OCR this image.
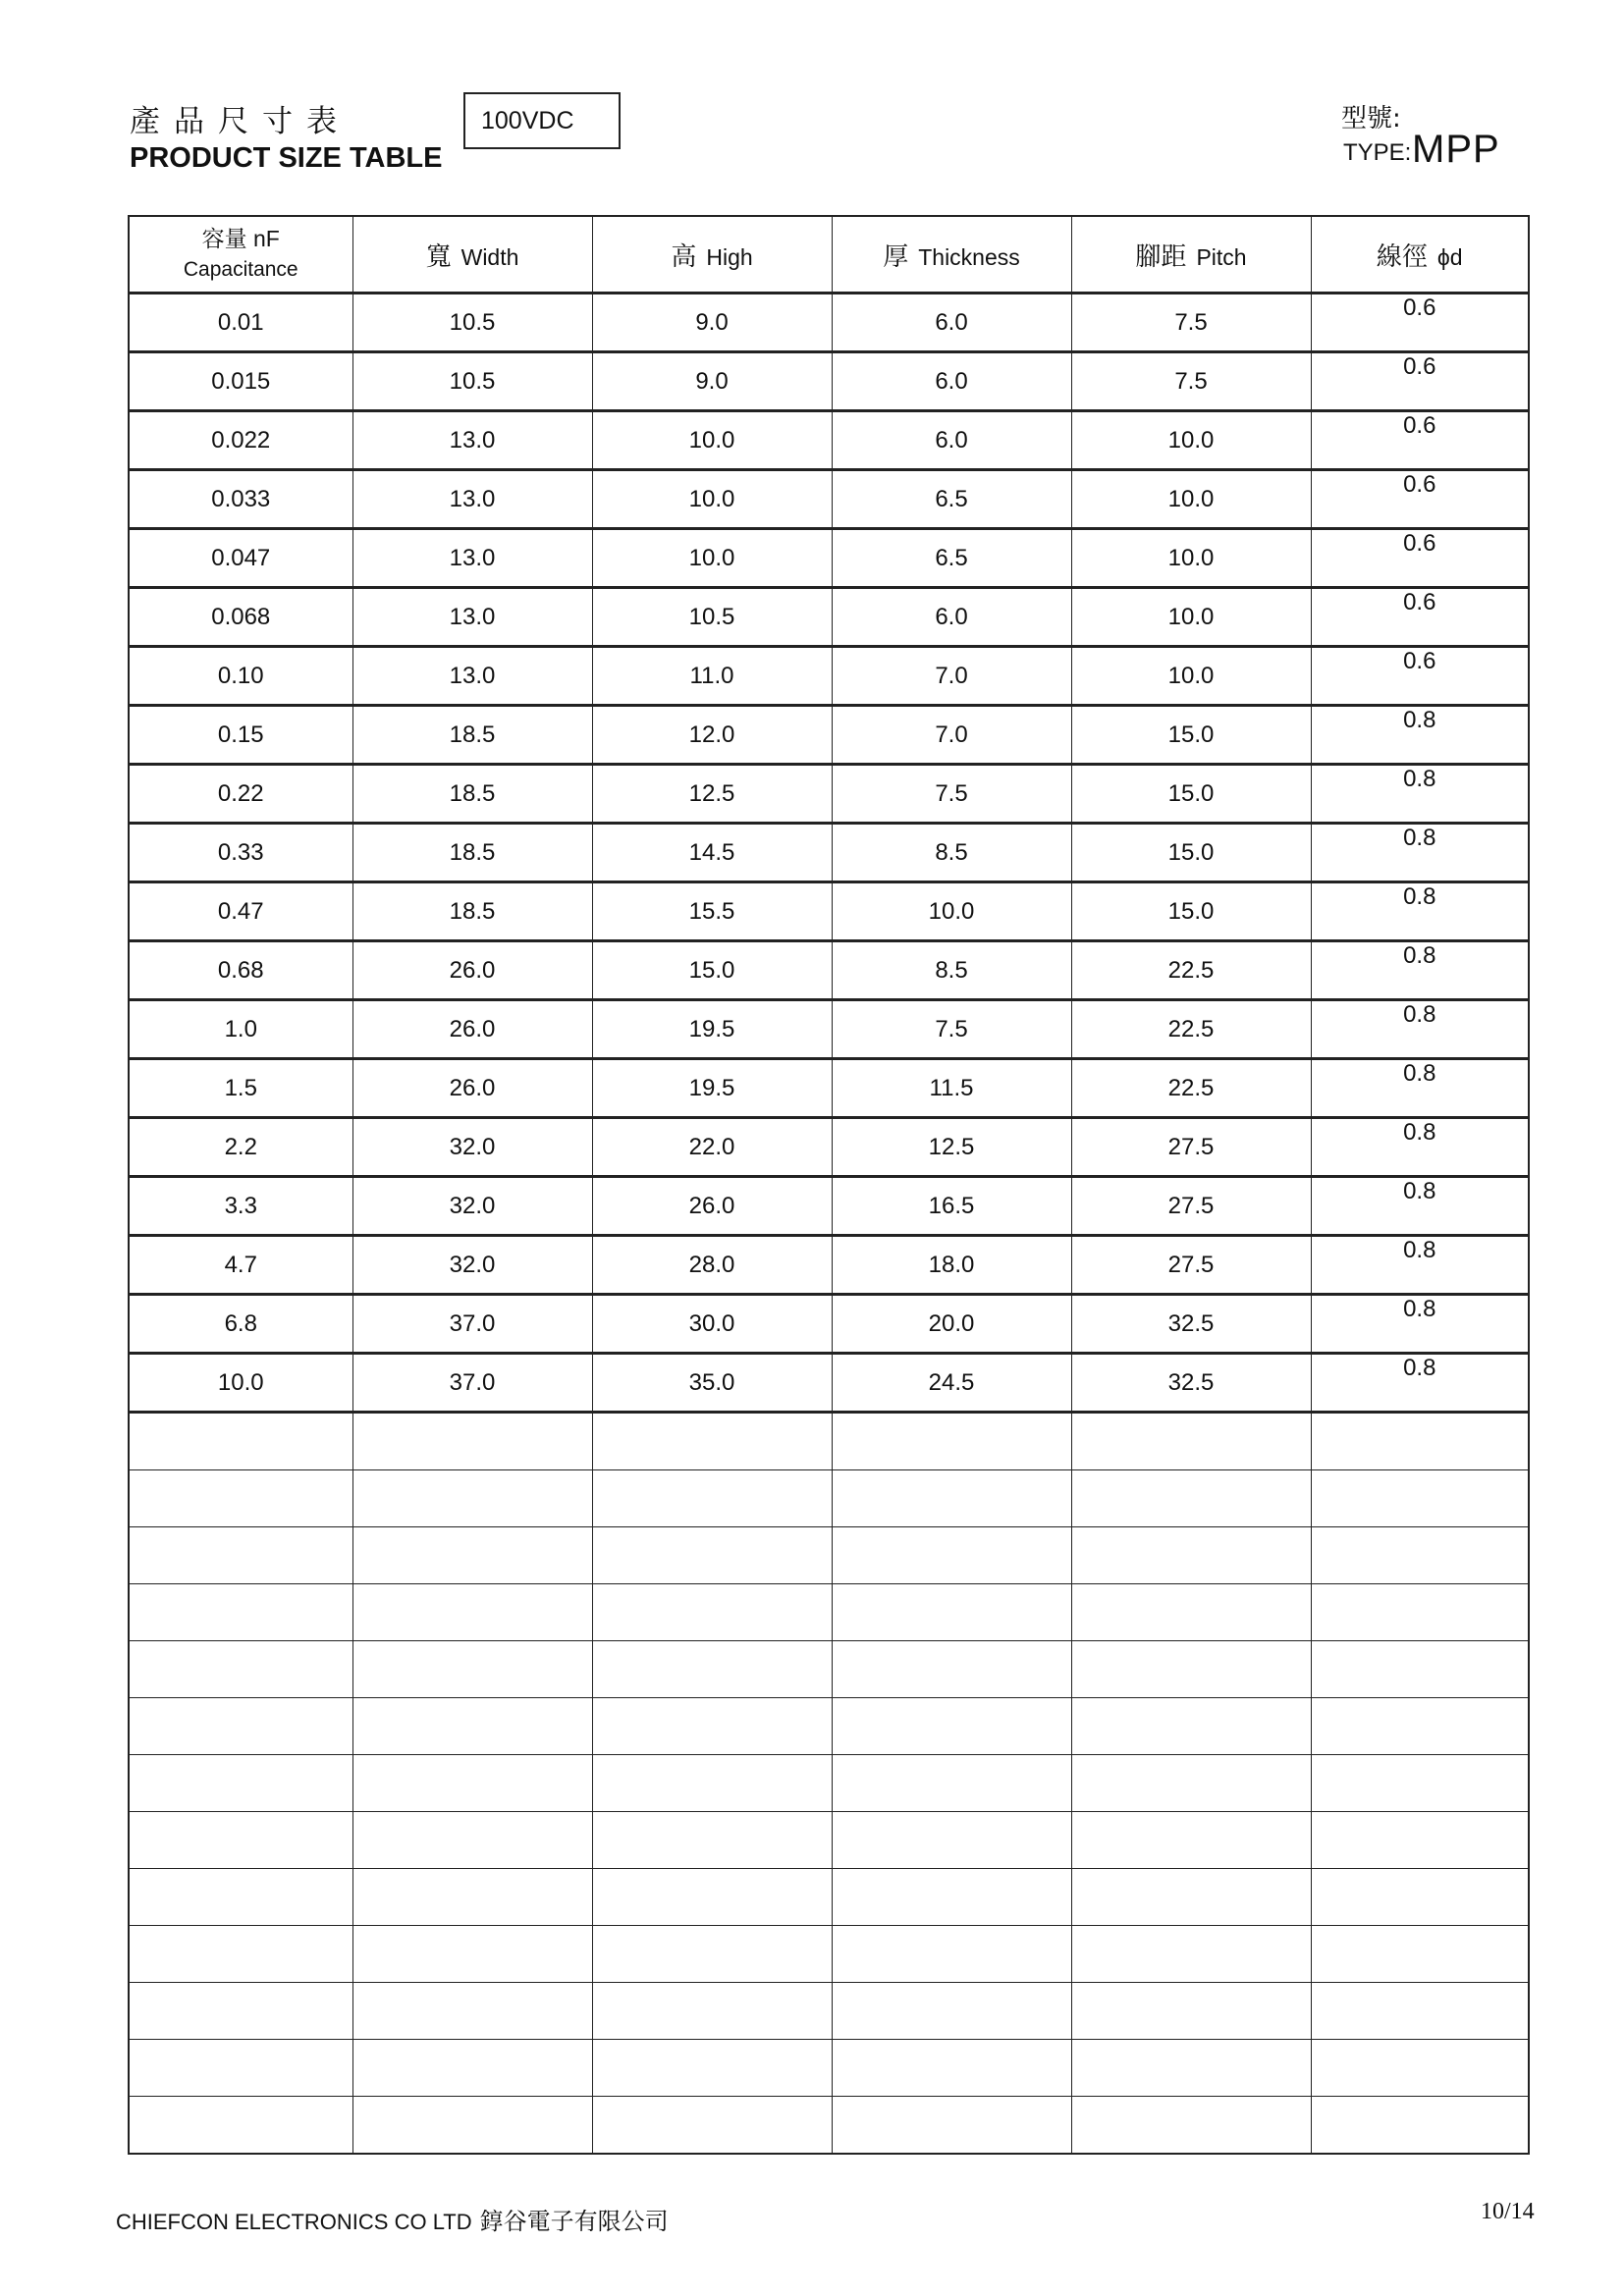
產品尺寸表
PRODUCT SIZE TABLE
100VDC	型號:
TYPE: MPP
容量 nF
Capacitance	寬 Width	高 High	厚 Thickness	腳距 Pitch	線徑 ϕd
0.01	10.5	9.0	6.0	7.5	0.6
0.015	10.5	9.0	6.0	7.5	0.6
0.022	13.0	10.0	6.0	10.0	0.6
0.033	13.0	10.0	6.5	10.0	0.6
0.047	13.0	10.0	6.5	10.0	0.6
0.068	13.0	10.5	6.0	10.0	0.6
0.10	13.0	11.0	7.0	10.0	0.6
0.15	18.5	12.0	7.0	15.0	0.8
0.22	18.5	12.5	7.5	15.0	0.8
0.33	18.5	14.5	8.5	15.0	0.8
0.47	18.5	15.5	10.0	15.0	0.8
0.68	26.0	15.0	8.5	22.5	0.8
1.0	26.0	19.5	7.5	22.5	0.8
1.5	26.0	19.5	11.5	22.5	0.8
2.2	32.0	22.0	12.5	27.5	0.8
3.3	32.0	26.0	16.5	27.5	0.8
4.7	32.0	28.0	18.0	27.5	0.8
6.8	37.0	30.0	20.0	32.5	0.8
10.0	37.0	35.0	24.5	32.5	0.8

CHIEFCON ELECTRONICS CO LTD 錞谷電子有限公司	10/14
